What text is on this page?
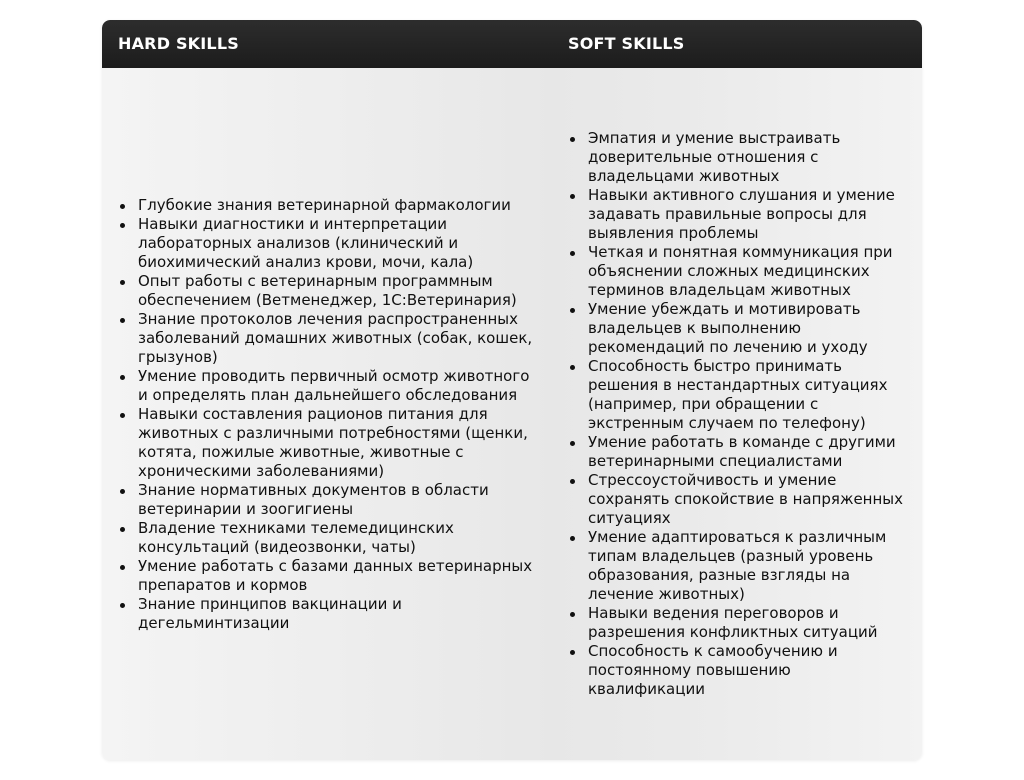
HARD SKILLS	SOFT SKILLS
Глубокие знания ветеринарной фармакологии
Навыки диагностики и интерпретации лабораторных анализов (клинический и биохимический анализ крови, мочи, кала)
Опыт работы с ветеринарным программным обеспечением (Ветменеджер, 1С:Ветеринария)
Знание протоколов лечения распространенных заболеваний домашних животных (собак, кошек, грызунов)
Умение проводить первичный осмотр животного и определять план дальнейшего обследования
Навыки составления рационов питания для животных с различными потребностями (щенки, котята, пожилые животные, животные с хроническими заболеваниями)
Знание нормативных документов в области ветеринарии и зоогигиены
Владение техниками телемедицинских консультаций (видеозвонки, чаты)
Умение работать с базами данных ветеринарных препаратов и кормов
Знание принципов вакцинации и дегельминтизации
Эмпатия и умение выстраивать доверительные отношения с владельцами животных
Навыки активного слушания и умение задавать правильные вопросы для выявления проблемы
Четкая и понятная коммуникация при объяснении сложных медицинских терминов владельцам животных
Умение убеждать и мотивировать владельцев к выполнению рекомендаций по лечению и уходу
Способность быстро принимать решения в нестандартных ситуациях (например, при обращении с экстренным случаем по телефону)
Умение работать в команде с другими ветеринарными специалистами
Стрессоустойчивость и умение сохранять спокойствие в напряженных ситуациях
Умение адаптироваться к различным типам владельцев (разный уровень образования, разные взгляды на лечение животных)
Навыки ведения переговоров и разрешения конфликтных ситуаций
Способность к самообучению и постоянному повышению квалификации
